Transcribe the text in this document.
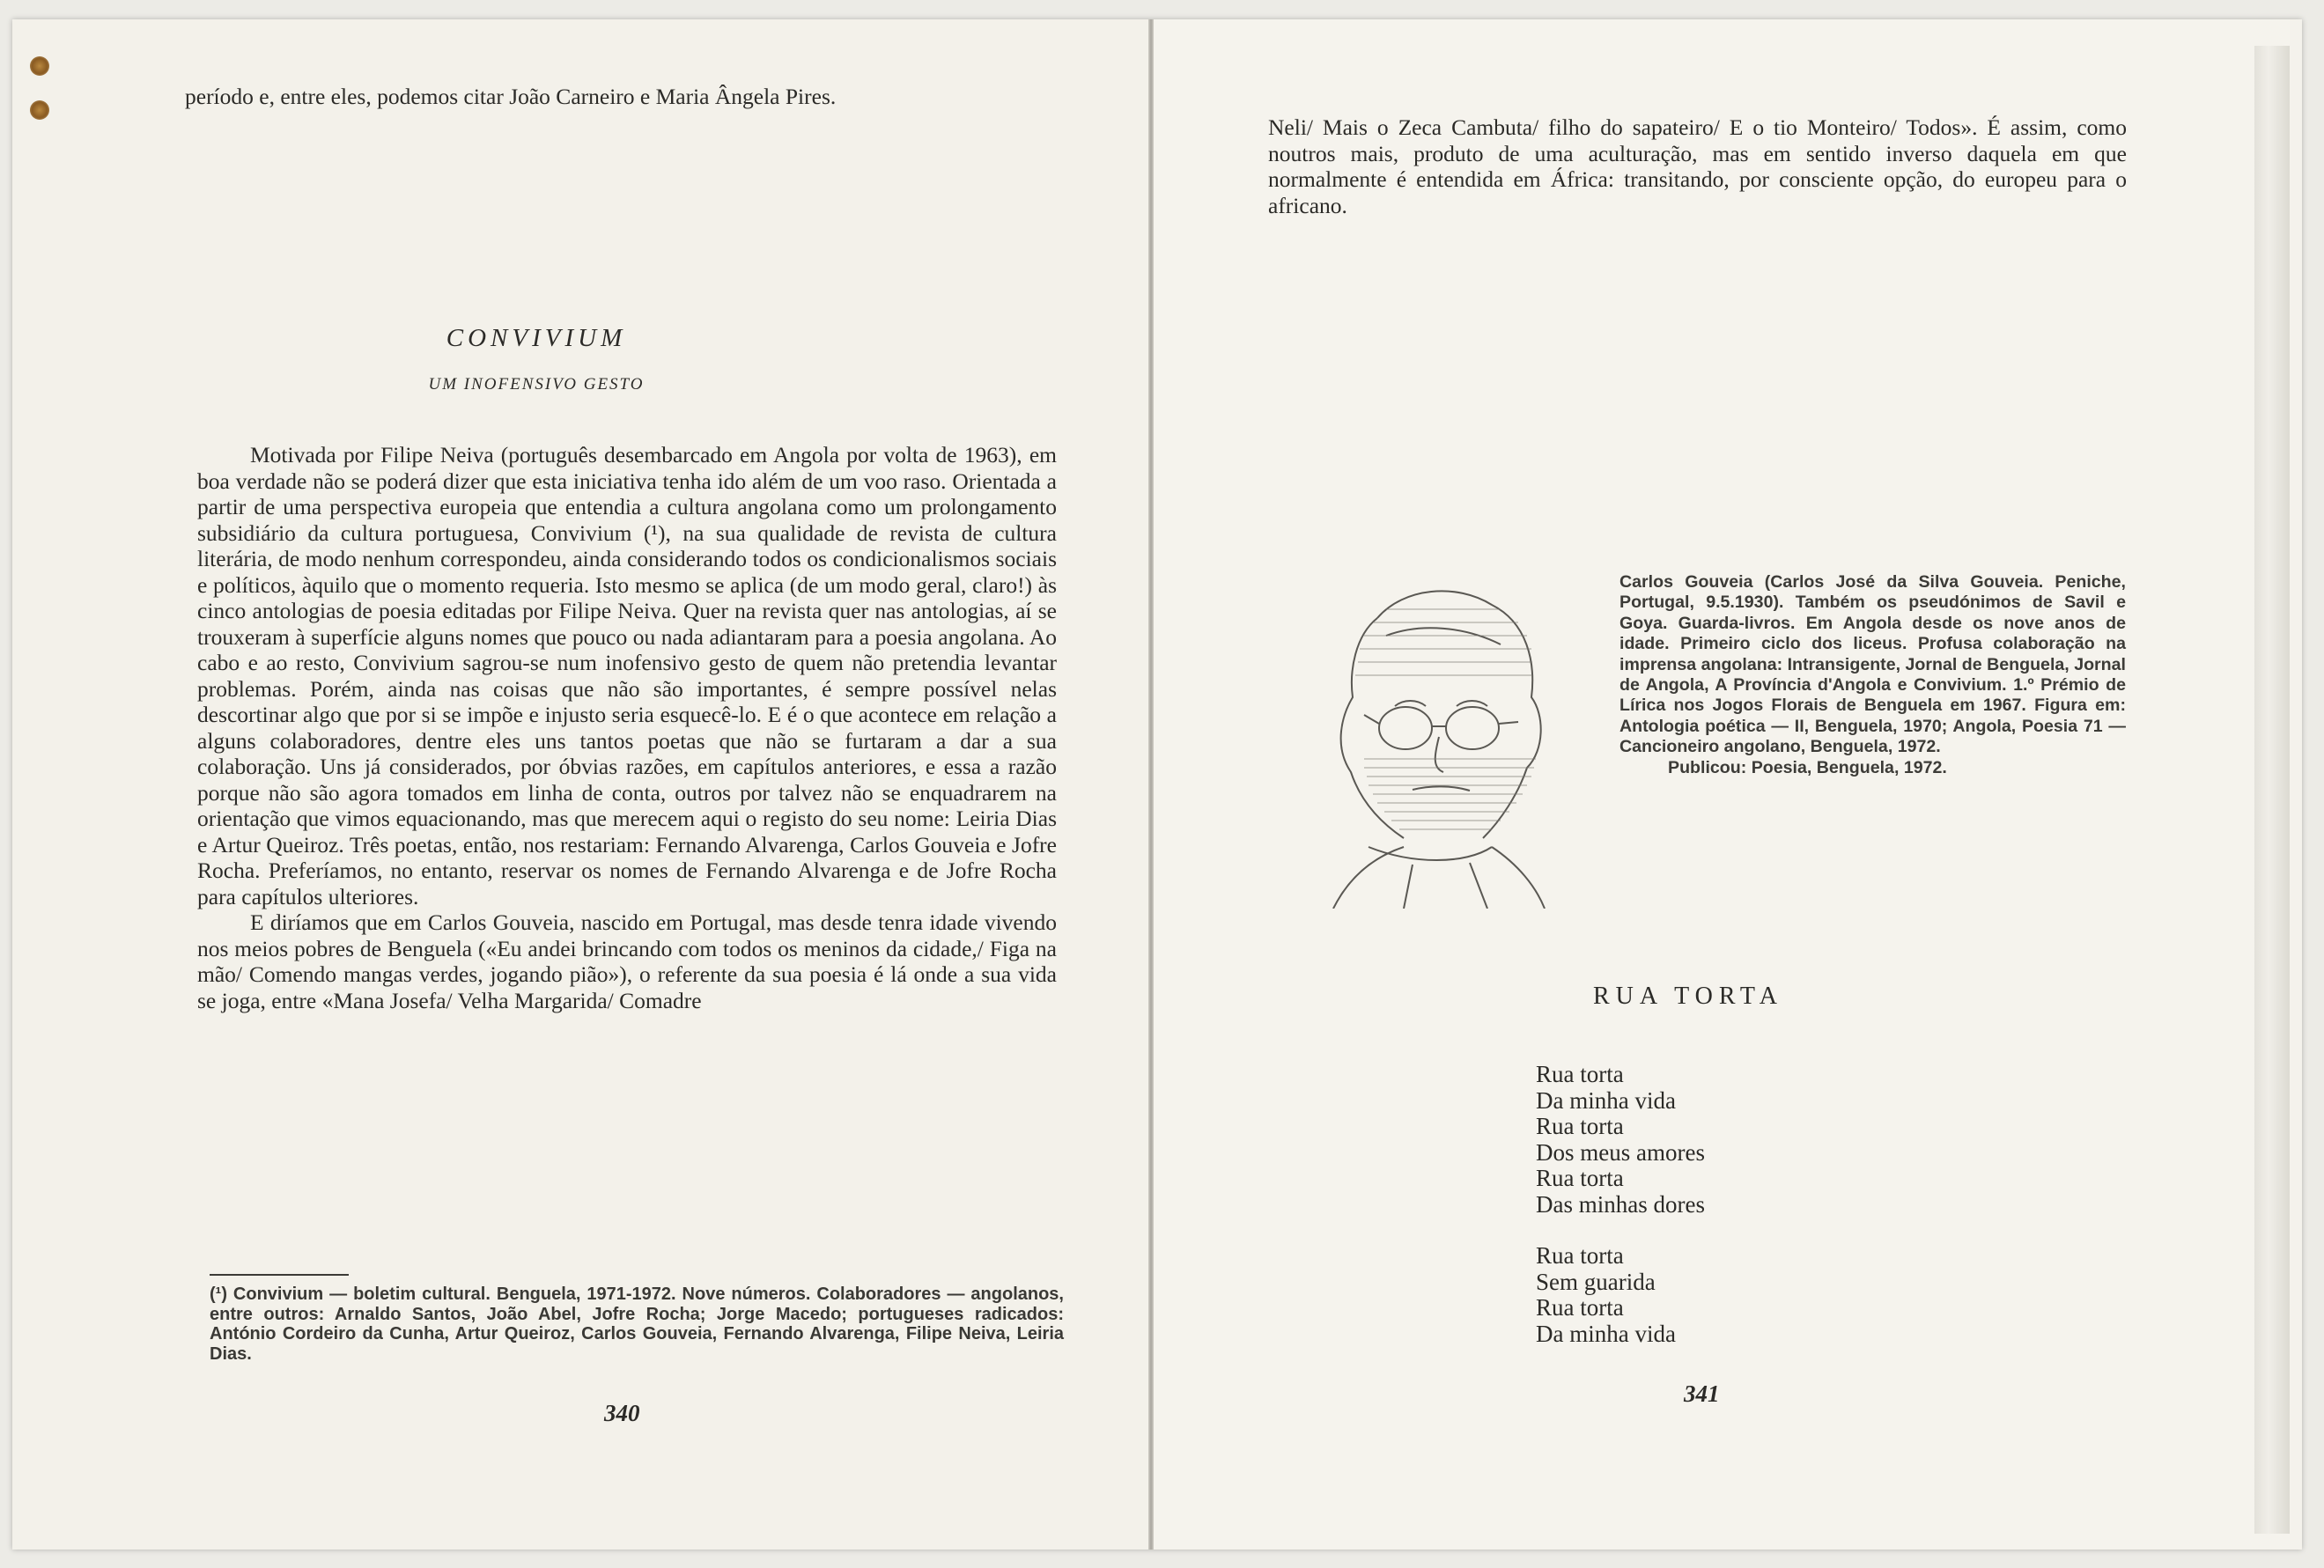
período e, entre eles, podemos citar João Carneiro e Maria Ângela Pires.

CONVIVIUM
UM INOFENSIVO GESTO

Motivada por Filipe Neiva (português desembarcado em Angola por volta de 1963), em boa verdade não se poderá dizer que esta iniciativa tenha ido além de um voo raso. Orientada a partir de uma perspectiva europeia que entendia a cultura angolana como um prolongamento subsidiário da cultura portuguesa, Convivium (¹), na sua qualidade de revista de cultura literária, de modo nenhum correspondeu, ainda considerando todos os condicionalismos sociais e políticos, àquilo que o momento requeria. Isto mesmo se aplica (de um modo geral, claro!) às cinco antologias de poesia editadas por Filipe Neiva. Quer na revista quer nas antologias, aí se trouxeram à superfície alguns nomes que pouco ou nada adiantaram para a poesia angolana. Ao cabo e ao resto, Convivium sagrou-se num inofensivo gesto de quem não pretendia levantar problemas. Porém, ainda nas coisas que não são importantes, é sempre possível nelas descortinar algo que por si se impõe e injusto seria esquecê-lo. E é o que acontece em relação a alguns colaboradores, dentre eles uns tantos poetas que não se furtaram a dar a sua colaboração. Uns já considerados, por óbvias razões, em capítulos anteriores, e essa a razão porque não são agora tomados em linha de conta, outros por talvez não se enquadrarem na orientação que vimos equacionando, mas que merecem aqui o registo do seu nome: Leiria Dias e Artur Queiroz. Três poetas, então, nos restariam: Fernando Alvarenga, Carlos Gouveia e Jofre Rocha. Preferíamos, no entanto, reservar os nomes de Fernando Alvarenga e de Jofre Rocha para capítulos ulteriores.

E diríamos que em Carlos Gouveia, nascido em Portugal, mas desde tenra idade vivendo nos meios pobres de Benguela («Eu andei brincando com todos os meninos da cidade,/ Figa na mão/ Comendo mangas verdes, jogando pião»), o referente da sua poesia é lá onde a sua vida se joga, entre «Mana Josefa/ Velha Margarida/ Comadre

(¹) Convivium — boletim cultural. Benguela, 1971-1972. Nove números. Colaboradores — angolanos, entre outros: Arnaldo Santos, João Abel, Jofre Rocha; Jorge Macedo; portugueses radicados: António Cordeiro da Cunha, Artur Queiroz, Carlos Gouveia, Fernando Alvarenga, Filipe Neiva, Leiria Dias.
340

Neli/ Mais o Zeca Cambuta/ filho do sapateiro/ E o tio Monteiro/ Todos». É assim, como noutros mais, produto de uma aculturação, mas em sentido inverso daquela em que normalmente é entendida em África: transitando, por consciente opção, do europeu para o africano.

Carlos Gouveia (Carlos José da Silva Gouveia. Peniche, Portugal, 9.5.1930). Também os pseudónimos de Savil e Goya. Guarda-livros. Em Angola desde os nove anos de idade. Primeiro ciclo dos liceus. Profusa colaboração na imprensa angolana: Intransigente, Jornal de Benguela, Jornal de Angola, A Província d'Angola e Convivium. 1.º Prémio de Lírica nos Jogos Florais de Benguela em 1967. Figura em: Antologia poética — II, Benguela, 1970; Angola, Poesia 71 — Cancioneiro angolano, Benguela, 1972.

Publicou: Poesia, Benguela, 1972.

RUA TORTA
Rua torta
Da minha vida
Rua torta
Dos meus amores
Rua torta
Das minhas dores
Rua torta
Sem guarida
Rua torta
Da minha vida
341
